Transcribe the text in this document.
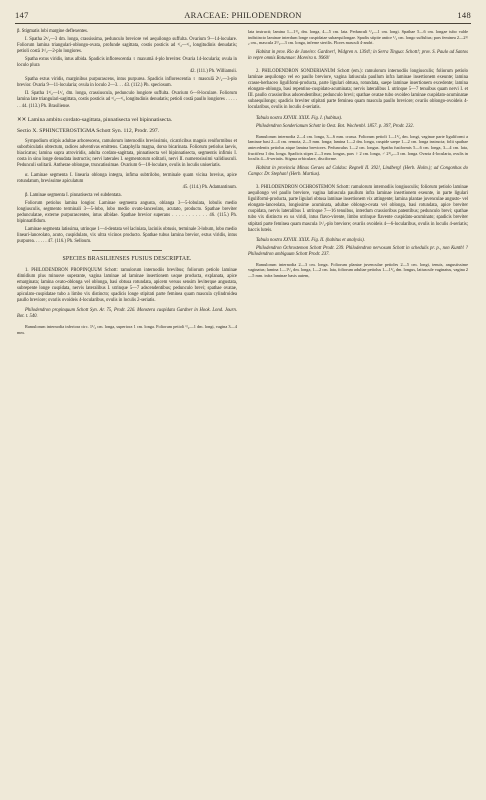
147	ARACEAE: PHILODENDRON	148

β. Stigmatis lobi margine deflexentes.

I. Spatha 2¹/₂—3 dm. longa, crassissima, pedunculo breviore vel aequilongo suffulta. Ovarium 9—14-loculare. Foliorum lamina triangulari-oblongo-ovata, profunde sagittata, costis posticis ad ¹/₂—¹/₃ longitudinis denudatis; petioli costā 1¹/₂—2-plo longiores.

Spatha extus viridis, intus albida. Spadicis inflorescentia ♀ maxumā 4-plo breviter. Ovaria 14-locularia; ovula in loculo plura

42. (111.) Ph. Williamsii.

Spatha extus viridis, marginibus purpurascens, intus purpurea. Spadicis inflorescentia ♀ masculā 2¹/₂—3-plo brevior. Ovaria 9—11-locularia; ovula in loculo 2—3. . . 43. (112.) Ph. speciosum.

II. Spatha 1¹/₂—1¹/₂ dm. longa, crassiuscula, pedunculo longiore suffulta. Ovarium 6—8-loculare. Foliorum lamina late triangulari-sagittata, costis posticis ad ¹/₂—¹/₃ longitudinis denudatis; petioli costā paullo longiores . . . . . . . 44. (113.) Ph. Brasiliense.

✕✕ Lamina ambitu cordato-sagittata, pinnatisecta vel bipinnatisecta.

Sectio X. SPHINCTEROSTIGMA Schott Syn. 112, Prodr. 297.

Sympodium stirpis adultae arborescens, ramulorum internodiis brevissimis, cicatricibus magnis reniformibus et suborbiculatis obtectum, radices adventivas emittens. Cataphylla magna, dorso bicarinata. Foliorum petiolus laevis, biacicatus; lamina supra atroviridis, adulta cordato-sagittata, pinnatisecta vel bipinnatisecta, segmentis infimis I. costa in sinu longe denudata instructis; nervi laterales I. segmentorum solitarii, nervi II. numerosissimi validiusculi. Pedunculi solitarii. Antherae oblongae, truncatissimae. Ovarium 6—10-loculare, ovulis in loculis uniseriatis.

α. Laminae segmenta I. linearia oblonga integra, infima subtrilobo, terminale quam vicina brevius, apice rotundatum, brevissime apiculatum

45. (114.) Ph. Adamantinum.

β. Laminae segmenta I. pinnatisecta vel subdentata.

Foliorum petiolus lamina longior. Laminae segmenta angusta, oblanga 3—5-lobulata, lobulis medio longiusculis, segmento terminali 3—5-lobo, lobo medio ovato-lanceolato, acutato, producto. Spathae breviter pedunculatae, externe purpurascentes, intus albidae. Spathae brevior superans . . . . . . . . . . . 46. (115.) Ph. bipinnatifidum.

Laminae segmenta latissima, utrinque 1—4-dentata vel laciniata, laciniis obtusis, terminale 3-lobum, lobo medio lineari-lanceolato, acuto, cuspidulato, vix ultra vicinos producto. Spathae tubus lamina brevior, extus viridis, intus purpurea. . . . . . 47. (116.) Ph. Selloum.

SPECIES BRASILIENSES FUSIUS DESCRIPTAE.

1. PHILODENDRON PROPINQUUM Schott: ramulorum internodiis brevibus; foliorum petiolo laminae dimidium plus minusve superante, vagina laminae ad laminae insertionem usque producta, explanata, apice emarginata; lamina ovato-oblonga vel oblonga, basi obtusa rotundata, apicem versus sensim leviterque angustata, subrepente longe cuspidata, nervis lateralibus I. utrinque 5—7 adscendentibus; pedunculo brevi; spathae ovatae, apiculato-cuspidatae tubo a limbo vix distincto; spadicis longe stipitati parte feminea quam mascula cylindroidea paullo breviore; ovariis ovoideis 4-locularibus, ovulis in loculis 2-seriatis.

Philodendron propinquum Schott Syn. Ar. 75, Prodr. 226. Monstera cuspidata Gardner in Hook. Lond. Journ. Bot. t. 540.

Ramulorum internodia inferiora circ. 1¹/₂ cm. longa, superiora 1 cm. longa. Foliorum petioli ¹/₂—1 dm. longi, vagina 3—4 mm.

lata instructi; lamina 1—1¹/₂ dm. longa, 4—5 cm. lata. Pedunculi ¹/₂—1 cm. longi. Spathae 5—6 cm. longae tubo valde indistincto laminae interdum longe cuspidatae subaequilongae. Spadix stipite antice ¹/₂ cm. longo suffultus; pars feminea 2—2¹/₂ cm., mascula 2¹/₂—3 cm. longa, inferne sterilis. Flores masculi 4-andri.

Habitat in prov. Rio de Janeiro: Gardner!, Widgren n. 1394!; in Serra Tingua: Schott!; prov. S. Paulo ad Santos in vepre omnis Rotunnae: Moreira n. 9960!

2. PHILODENDRON SONDERIANUM Schott (em.): ramulorum internodiis longiusculis; foliorum petiolo laminae aequilongo vel eo paullo breviore, vagina latiuscula paullum infra laminae insertionem exeunte; lamina crasse-herbaceo ligulifomi-producta, parte ligulari obtusa, rotundata, saepe laminae insertionem excedente; lamina elongato-oblonga, basi repentino-cuspidato-acuminata; nervis lateralibus I. utrinque 5—7 tenuibus quam nervi I. et III. paullo crassioribus adscendentibus; pedunculo brevi; spathae ovatae tubo ovoideo laminae cuspidato-acuminatae subaequilongo; spadicis breviter stipitati parte feminea quam mascula paullo breviore; ovariis oblongo-ovoideis 4-locularibus, ovulis in loculis 4-seriatis.

Tabula nostra XXVIII. XXIX. Fig. I. (habitus).

Philodendron Sonderianum Schott in Oest. Bot. Wochenbl. 1857. p. 397, Prodr. 232.

Ramulorum internodia 2—4 cm. longa, 3—6 mm. crassa. Foliorum petioli 1—1¹/₂ dm. longi, vaginae parte liguliformi a laminae basi 2—4 cm. remota, 2—5 mm. longa; lamina 1—2 dm. longa, cuspide saepe 1—2 cm. longa instructa; folii spathae antecedentis petiolus atque lamina breviores. Pedunculus 1—2 cm. longus. Spatha fusiformis 5—6 cm. longa, 3—4 cm. lata, fructifera 1 dm. longa. Spadicis stipes 2—3 mm. longus, pars ♀ 2 cm. longa, ♂ 2¹/₂—3 cm. longa. Ovaria 4-locularia, ovulis in loculis 4—6-seriatis. Stigma orbiculare, disciforme.

Habitat in provincia Minas Geraes ad Caldas: Regnell II. 392!, Lindberg! (Herb. Holm.); ad Congonhas do Campo: Dr. Stephan! (Herb. Martius).

3. PHILODENDRON OCHROSTEMON Schott: ramulorum internodiis longiusculis; foliorum petiolo laminae aequilongo vel paullo breviore, vagina latiuscula paullum infra laminae insertionem exeunte, in parte ligulari liguliformi-producta, parte ligulari obtusa laminae insertionem vix attingente; lamina plantae juvenculae angusto- vel elongato-lanceolata, longissime acuminata, adultae oblongo-ovata vel oblonga, basi rotundata, apice breviter cuspidata, nervis lateralibus I. utrinque 7—16 tenuibus, interdum crassioribus patentibus; pedunculo brevi; spathae tubo vix distincto ex us viridi, intus flavo-virente, limbo utrinque flavente cuspidato-acuminato; spadicis breviter stipitati parte feminea quam mascula 1¹/₂-plo breviore; ovariis ovoideis 4—6-locularibus, ovulis in loculis 4-seriatis; baccis luteis.

Tabula nostra XXVIII. XXIX. Fig. II. (habitus et analysis).

Philodendron Ochrostemon Schott Prodr. 239. Philodendron nervosum Schott in schedulis pr. p., non Kunth! ? Philodendron ambiguum Schott Prodr. 237.

Ramulorum internodia 2—3 cm. longa. Foliorum plantae juvenculae petioles 2—5 cm. longi, tenuis, angustissime vaginatus; lamina 1—1¹/₂ dm. longa, 1—2 cm. lata, foliorum adultae petiolus 1—1¹/₂ dm. longus, latiuscule vaginatus, vagina 2—5 mm. infra laminae basis autem,
